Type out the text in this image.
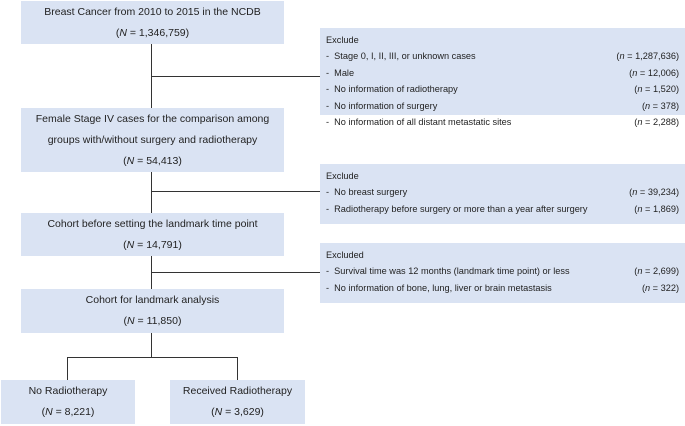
Breast Cancer from 2010 to 2015 in the NCDB
(N = 1,346,759)
Female Stage IV cases for the comparison among
groups with/without surgery and radiotherapy
(N = 54,413)
Cohort before setting the landmark time point
(N = 14,791)
Cohort for landmark analysis
(N = 11,850)
No Radiotherapy
(N = 8,221)
Received Radiotherapy
(N = 3,629)
Exclude
- Stage 0, I, II, III, or unknown cases	(n = 1,287,636)
- Male	(n = 12,006)
- No information of radiotherapy	(n = 1,520)
- No information of surgery	(n = 378)
- No information of all distant metastatic sites	(n = 2,288)
Exclude
- No breast surgery	(n = 39,234)
- Radiotherapy before surgery or more than a year after surgery	(n = 1,869)
Excluded
- Survival time was 12 months (landmark time point) or less	(n = 2,699)
- No information of bone, lung, liver or brain metastasis	(n = 322)
